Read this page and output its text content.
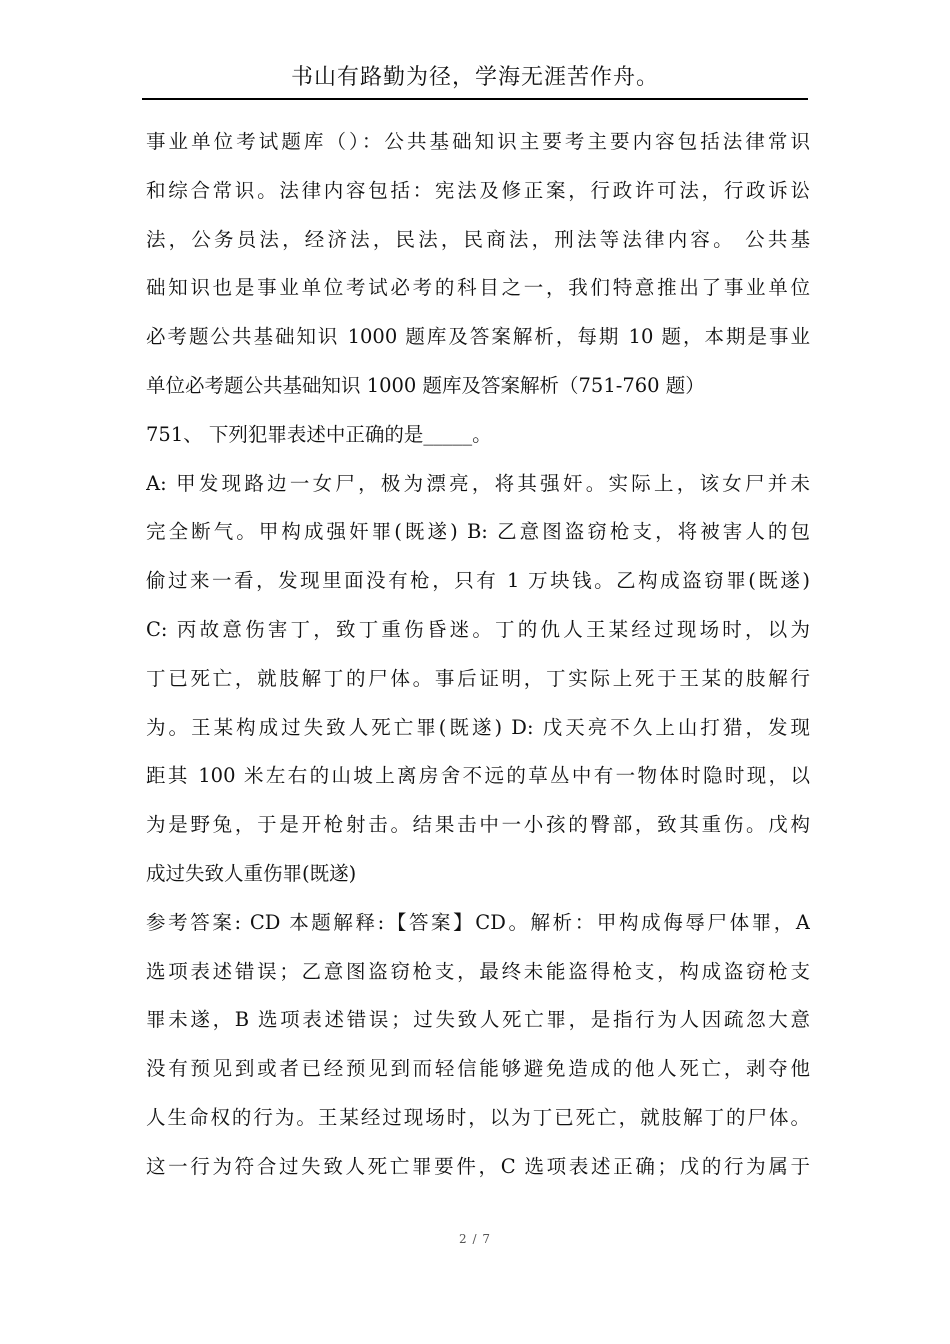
书山有路勤为径，学海无涯苦作舟。
事业单位考试题库（）：公共基础知识主要考主要内容包括法律常识
和综合常识。法律内容包括：宪法及修正案，行政许可法，行政诉讼
法，公务员法，经济法，民法，民商法，刑法等法律内容。 公共基
础知识也是事业单位考试必考的科目之一，我们特意推出了事业单位
必考题公共基础知识 1000 题库及答案解析，每期 10 题，本期是事业
单位必考题公共基础知识 1000 题库及答案解析（751-760 题）
751、 下列犯罪表述中正确的是_____。
A: 甲发现路边一女尸，极为漂亮，将其强奸。实际上，该女尸并未
完全断气。甲构成强奸罪(既遂) B: 乙意图盗窃枪支，将被害人的包
偷过来一看，发现里面没有枪，只有 1 万块钱。乙构成盗窃罪(既遂)
C: 丙故意伤害丁，致丁重伤昏迷。丁的仇人王某经过现场时，以为
丁已死亡，就肢解丁的尸体。事后证明，丁实际上死于王某的肢解行
为。王某构成过失致人死亡罪(既遂) D: 戊天亮不久上山打猎，发现
距其 100 米左右的山坡上离房舍不远的草丛中有一物体时隐时现，以
为是野兔，于是开枪射击。结果击中一小孩的臀部，致其重伤。戊构
成过失致人重伤罪(既遂)
参考答案: CD 本题解释:【答案】CD。解析：甲构成侮辱尸体罪，A
选项表述错误；乙意图盗窃枪支，最终未能盗得枪支，构成盗窃枪支
罪未遂，B 选项表述错误；过失致人死亡罪，是指行为人因疏忽大意
没有预见到或者已经预见到而轻信能够避免造成的他人死亡，剥夺他
人生命权的行为。王某经过现场时，以为丁已死亡，就肢解丁的尸体。
这一行为符合过失致人死亡罪要件，C 选项表述正确；戊的行为属于
2 / 7
